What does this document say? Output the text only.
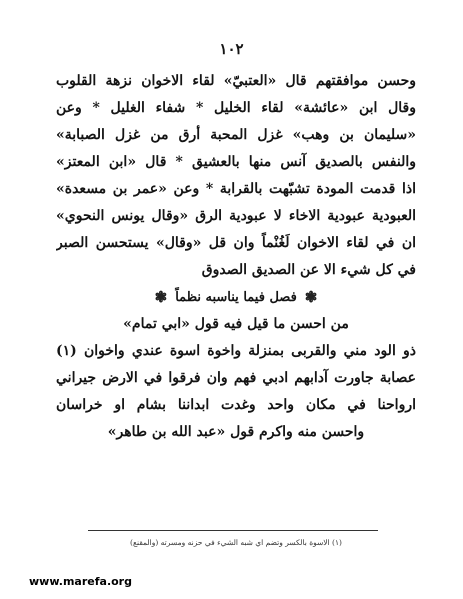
١٠٢
وحسن موافقتهم قال «العتبيّ» لقاء الاخوان نزهة القلوب
وقال ابن «عائشة» لقاء الخليل * شفاء الغليل * وعن
«سليمان بن وهب» غزل المحبة أرق من غزل الصبابة»
والنفس بالصديق آنس منها بالعشيق * قال «ابن المعتز»
اذا قدمت المودة تشبّهت بالقرابة * وعن «عمر بن مسعدة»
العبودية عبودية الاخاء لا عبودية الرق «وقال يونس النحوي»
ان في لقاء الاخوان لَغُنْماً وان قل «وقال» يستحسن الصبر
في كل شيء الا عن الصديق الصدوق
❃
فصل فيما يناسبه نظماً
❃
من احسن ما قيل فيه قول «ابي تمام»
ذو الود مني والقربى بمنزلة واخوة اسوة عندي واخوان (١)
عصابة جاورت آدابهم ادبي فهم وان فرقوا في الارض جيراني
ارواحنا في مكان واحد وغدت ابداننا بشام او خراسان
واحسن منه واكرم قول «عبد الله بن طاهر»
(١) الاسوة بالكسر وتضم اي شبه الشيء في حزنه ومسرته (والمقنع)
www.marefa.org
